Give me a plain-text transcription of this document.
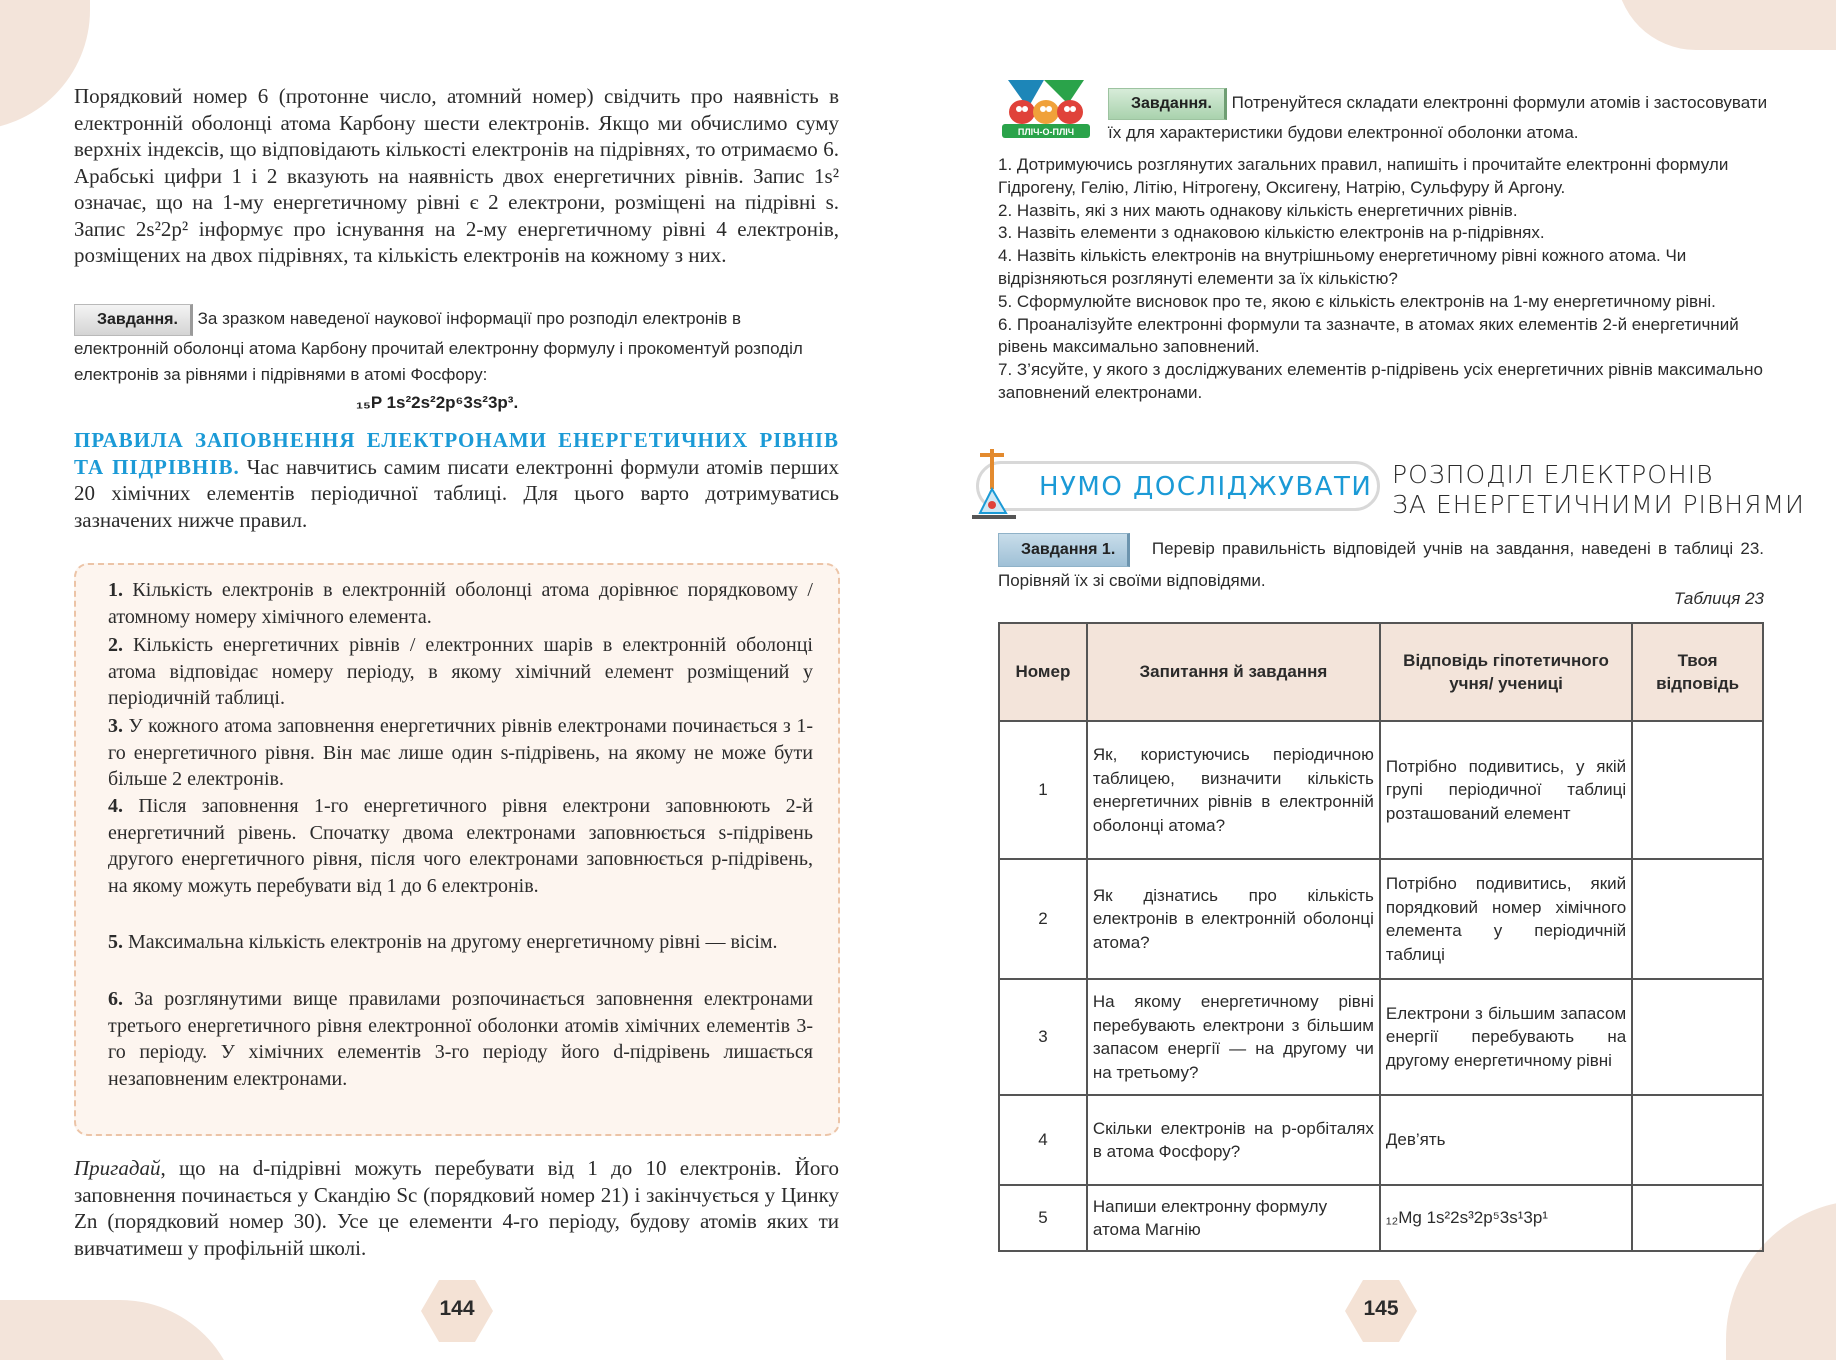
Порядковий номер 6 (протонне число, атомний номер) свідчить про наявність в електронній оболонці атома Карбону шести електронів. Якщо ми обчислимо суму верхніх індексів, що відповідають кількості електронів на підрівнях, то отримаємо 6. Арабські цифри 1 і 2 вказують на наявність двох енергетичних рівнів. Запис 1s² означає, що на 1-му енергетичному рівні є 2 електрони, розміщені на підрівні s. Запис 2s²2p² інформує про існування на 2-му енергетичному рівні 4 електронів, розміщених на двох підрівнях, та кількість електронів на кожному з них.

Завдання. За зразком наведеної наукової інформації про розподіл електронів в електронній оболонці атома Карбону прочитай електронну формулу і прокоментуй розподіл електронів за рівнями і підрівнями в атомі Фосфору:
₁₅P 1s²2s²2p⁶3s²3p³.

ПРАВИЛА ЗАПОВНЕННЯ ЕЛЕКТРОНАМИ ЕНЕРГЕТИЧНИХ РІВНІВ ТА ПІДРІВНІВ. Час навчитись самим писати електронні формули атомів перших 20 хімічних елементів періодичної таблиці. Для цього варто дотримуватись зазначених нижче правил.

1. Кількість електронів в електронній оболонці атома дорівнює порядковому / атомному номеру хімічного елемента.

2. Кількість енергетичних рівнів / електронних шарів в електронній оболонці атома відповідає номеру періоду, в якому хімічний елемент розміщений у періодичній таблиці.

3. У кожного атома заповнення енергетичних рівнів електронами починається з 1-го енергетичного рівня. Він має лише один s-підрівень, на якому не може бути більше 2 електронів.

4. Після заповнення 1-го енергетичного рівня електрони заповнюють 2-й енергетичний рівень. Спочатку двома електронами заповнюється s-підрівень другого енергетичного рівня, після чого електронами заповнюється p-підрівень, на якому можуть перебувати від 1 до 6 електронів.

5. Максимальна кількість електронів на другому енергетичному рівні — вісім.

6. За розглянутими вище правилами розпочинається заповнення електронами третього енергетичного рівня електронної оболонки атомів хімічних елементів 3-го періоду. У хімічних елементів 3-го періоду його d-підрівень лишається незаповненим електронами.

Пригадай, що на d-підрівні можуть перебувати від 1 до 10 електронів. Його заповнення починається у Скандію Sc (порядковий номер 21) і закінчується у Цинку Zn (порядковий номер 30). Усе це елементи 4-го періоду, будову атомів яких ти вивчатимеш у профільній школі.

144
ПЛІЧ-О-ПЛІЧ
Завдання. Потренуйтеся складати електронні формули атомів і застосовувати їх для характеристики будови електронної оболонки атома.
1. Дотримуючись розглянутих загальних правил, напишіть і прочитайте електронні формули Гідрогену, Гелію, Літію, Нітрогену, Оксигену, Натрію, Сульфуру й Аргону.
2. Назвіть, які з них мають однакову кількість енергетичних рівнів.
3. Назвіть елементи з однаковою кількістю електронів на p-підрівнях.
4. Назвіть кількість електронів на внутрішньому енергетичному рівні кожного атома. Чи відрізняються розглянуті елементи за їх кількістю?
5. Сформулюйте висновок про те, якою є кількість електронів на 1-му енергетичному рівні.
6. Проаналізуйте електронні формули та зазначте, в атомах яких елементів 2-й енергетичний рівень максимально заповнений.
7. З’ясуйте, у якого з досліджуваних елементів p-підрівень усіх енергетичних рівнів максимально заповнений електронами.
НУМО ДОСЛІДЖУВАТИ РОЗПОДІЛ ЕЛЕКТРОНІВ
ЗА ЕНЕРГЕТИЧНИМИ РІВНЯМИ
Завдання 1. Перевір правильність відповідей учнів на завдання, наведені в таблиці 23. Порівняй їх зі своїми відповідями.
Таблиця 23
Номер	Запитання й завдання	Відповідь гіпотетичного учня/ учениці	Твоя відповідь
1	Як, користуючись періодичною таблицею, визначити кількість енергетичних рівнів в електронній оболонці атома?	Потрібно подивитись, у якій групі періодичної таблиці розташований елемент	
2	Як дізнатись про кількість електронів в електронній оболонці атома?	Потрібно подивитись, який порядковий номер хімічного елемента у періодичній таблиці	
3	На якому енергетичному рівні перебувають електрони з більшим запасом енергії — на другому чи на третьому?	Електрони з більшим запасом енергії перебувають на другому енергетичному рівні	
4	Скільки електронів на p-орбіталях в атома Фосфору?	Дев’ять	
5	Напиши електронну формулу атома Магнію	₁₂Mg 1s²2s³2p⁵3s¹3p¹	
145
